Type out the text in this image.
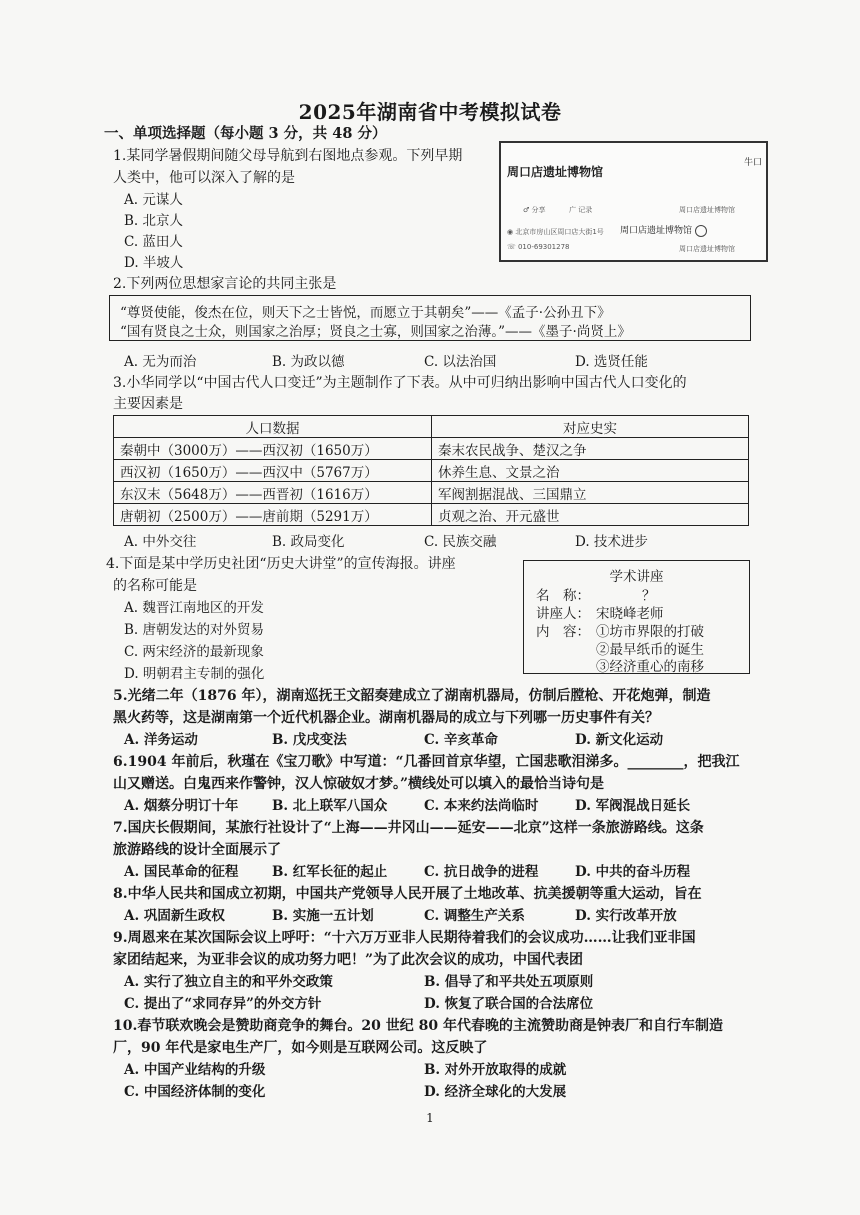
2025年湖南省中考模拟试卷
一、单项选择题（每小题 3 分，共 48 分）
1.某同学暑假期间随父母导航到右图地点参观。下列早期
人类中，他可以深入了解的是
A. 元谋人
B. 北京人
C. 蓝田人
D. 半坡人
周口店遗址博物馆
牛口
♂ 分享	广 记录	周口店遗址博物馆
◉ 北京市房山区周口店大街1号
☏ 010-69301278
周口店遗址博物馆
周口店遗址博物馆
2.下列两位思想家言论的共同主张是
“尊贤使能，俊杰在位，则天下之士皆悦，而愿立于其朝矣”——《孟子·公孙丑下》
“国有贤良之士众，则国家之治厚；贤良之士寡，则国家之治薄。”——《墨子·尚贤上》
A. 无为而治	B. 为政以德	C. 以法治国	D. 选贤任能
3.小华同学以“中国古代人口变迁”为主题制作了下表。从中可归纳出影响中国古代人口变化的
主要因素是
人口数据	对应史实
秦朝中（3000万）——西汉初（1650万）	秦末农民战争、楚汉之争
西汉初（1650万）——西汉中（5767万）	休养生息、文景之治
东汉末（5648万）——西晋初（1616万）	军阀割据混战、三国鼎立
唐朝初（2500万）——唐前期（5291万）	贞观之治、开元盛世
A. 中外交往	B. 政局变化	C. 民族交融	D. 技术进步
4.下面是某中学历史社团“历史大讲堂”的宣传海报。讲座
的名称可能是
A. 魏晋江南地区的开发
B. 唐朝发达的对外贸易
C. 两宋经济的最新现象
D. 明朝君主专制的强化
学术讲座
名　称：	？
讲座人： 宋晓峰老师
内　容： ①坊市界限的打破
②最早纸币的诞生
③经济重心的南移
5.光绪二年（1876 年），湖南巡抚王文韶奏建成立了湖南机器局，仿制后膛枪、开花炮弹，制造
黑火药等，这是湖南第一个近代机器企业。湖南机器局的成立与下列哪一历史事件有关？
A. 洋务运动	B. 戊戌变法	C. 辛亥革命	D. 新文化运动
6.1904 年前后，秋瑾在《宝刀歌》中写道：“几番回首京华望，亡国悲歌泪涕多。________，把我江
山又赠送。白鬼西来作警钟，汉人惊破奴才梦。”横线处可以填入的最恰当诗句是
A. 烟蔡分明订十年 B. 北上联军八国众	C. 本来约法尚临时	D. 军阀混战日延长
7.国庆长假期间，某旅行社设计了“上海——井冈山——延安——北京”这样一条旅游路线。这条
旅游路线的设计全面展示了
A. 国民革命的征程 B. 红军长征的起止	C. 抗日战争的进程	D. 中共的奋斗历程
8.中华人民共和国成立初期，中国共产党领导人民开展了土地改革、抗美援朝等重大运动，旨在
A. 巩固新生政权	B. 实施一五计划	C. 调整生产关系	D. 实行改革开放
9.周恩来在某次国际会议上呼吁：“十六万万亚非人民期待着我们的会议成功……让我们亚非国
家团结起来，为亚非会议的成功努力吧！”为了此次会议的成功，中国代表团
A. 实行了独立自主的和平外交政策	B. 倡导了和平共处五项原则
C. 提出了“求同存异”的外交方针	D. 恢复了联合国的合法席位
10.春节联欢晚会是赞助商竞争的舞台。20 世纪 80 年代春晚的主流赞助商是钟表厂和自行车制造
厂，90 年代是家电生产厂，如今则是互联网公司。这反映了
A. 中国产业结构的升级	B. 对外开放取得的成就
C. 中国经济体制的变化	D. 经济全球化的大发展
1
